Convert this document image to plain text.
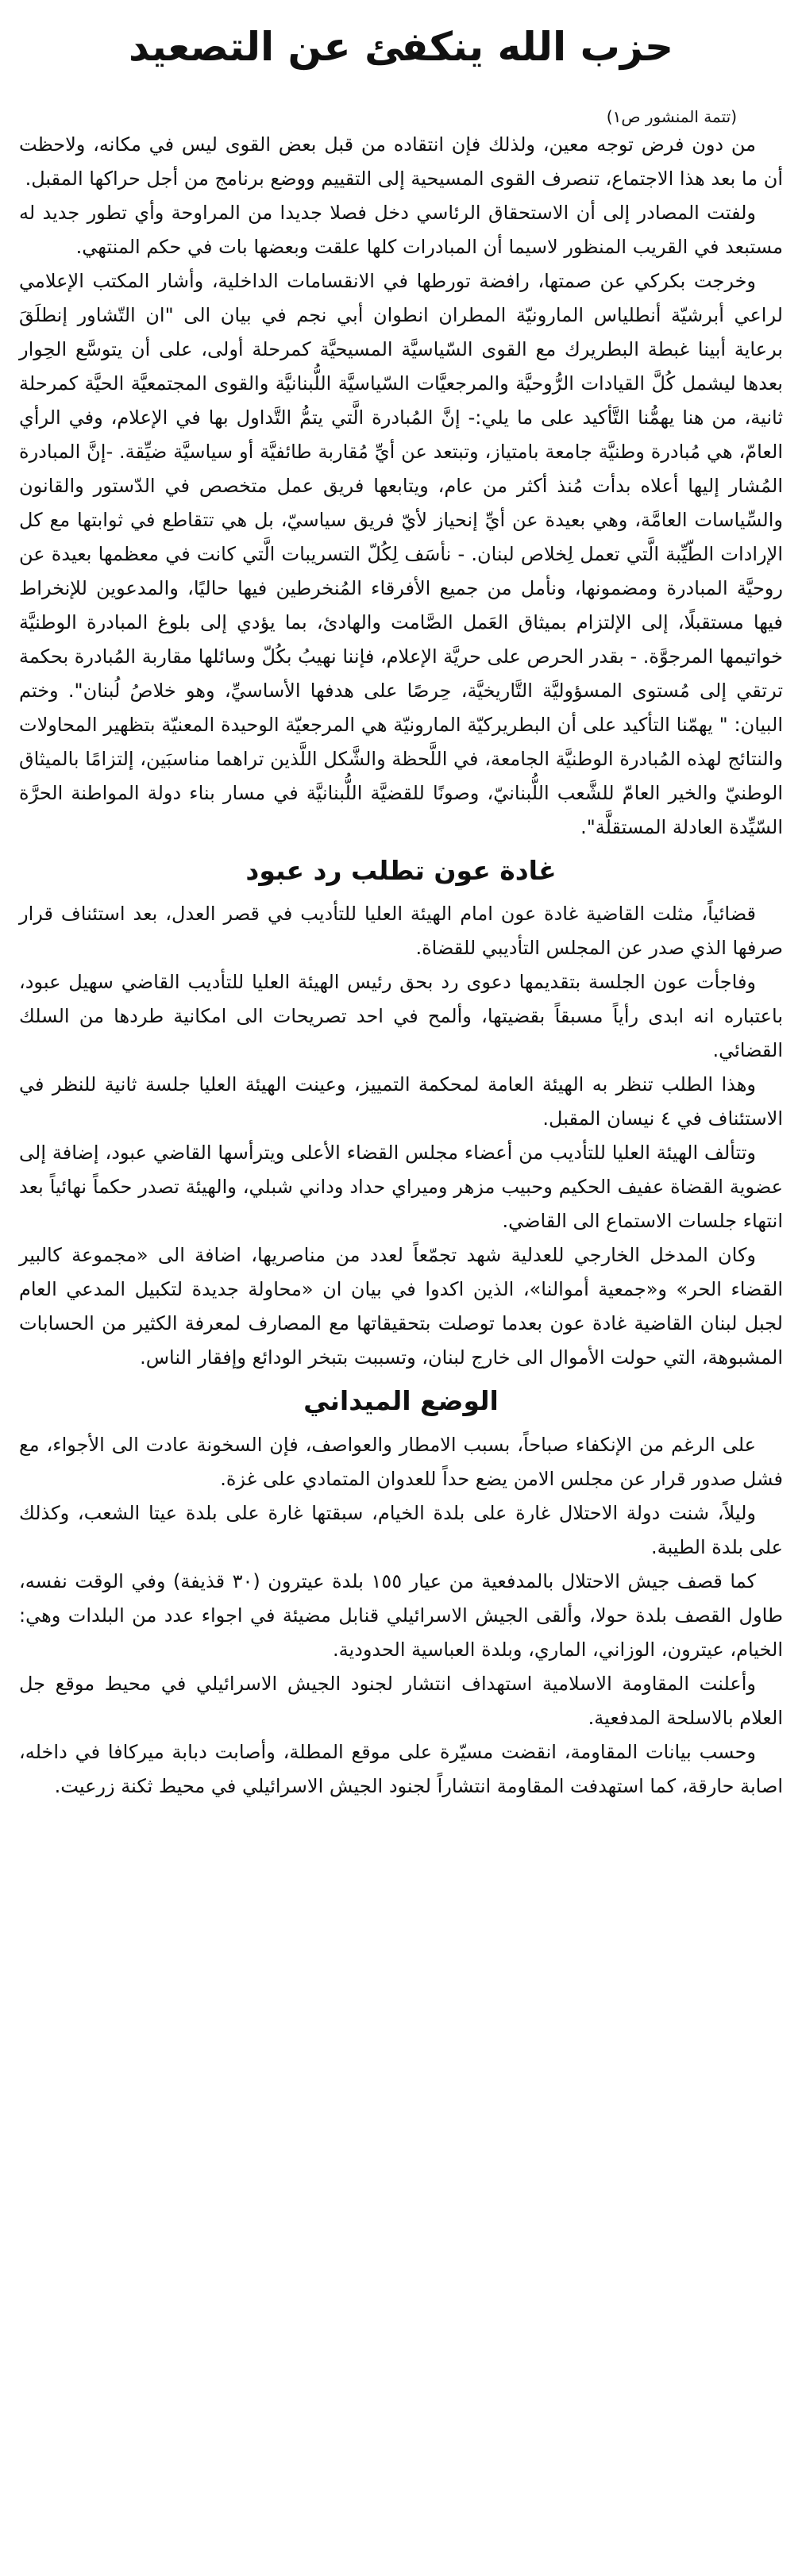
حزب الله ينكفئ عن التصعيد
(تتمة المنشور ص١)

من دون فرض توجه معين، ولذلك فإن انتقاده من قبل بعض القوى ليس في مكانه، ولاحظت أن ما بعد هذا الاجتماع، تنصرف القوى المسيحية إلى التقييم ووضع برنامج من أجل حراكها المقبل.

ولفتت المصادر إلى أن الاستحقاق الرئاسي دخل فصلا جديدا من المراوحة وأي تطور جديد له مستبعد في القريب المنظور لاسيما أن المبادرات كلها علقت وبعضها بات في حكم المنتهي.

وخرجت بكركي عن صمتها، رافضة تورطها في الانقسامات الداخلية، وأشار المكتب الإعلامي لراعي أبرشيّة أنطلياس المارونيّة المطران انطوان أبي نجم في بيان الى "ان التّشاور إنطلَقَ برعاية أبينا غبطة البطريرك مع القوى السّياسيَّة المسيحيَّة كمرحلة أولى، على أن يتوسَّع الحِوار بعدها ليشمل كُلَّ القيادات الرُّوحيَّة والمرجعيَّات السّياسيَّة اللُّبنانيَّة والقوى المجتمعيَّة الحيَّة كمرحلة ثانية، من هنا يهمُّنا التَّأكيد على ما يلي:- إنَّ المُبادرة الَّتي يتمُّ التَّداول بها في الإعلام، وفي الرأي العامّ، هي مُبادرة وطنيَّة جامعة بامتياز، وتبتعد عن أيِّ مُقاربة طائفيَّة أو سياسيَّة ضيِّقة. -إنَّ المبادرة المُشار إليها أعلاه بدأت مُنذ أكثر من عام، ويتابعها فريق عمل متخصص في الدّستور والقانون والسِّياسات العامَّة، وهي بعيدة عن أيِّ إنحياز لأيّ فريق سياسيّ، بل هي تتقاطع في ثوابتها مع كل الإرادات الطّيِّبة الَّتي تعمل لِخلاص لبنان. - نأسَف لِكُلّ التسريبات الَّتي كانت في معظمها بعيدة عن روحيَّة المبادرة ومضمونها، ونأمل من جميع الأفرقاء المُنخرطين فيها حاليًا، والمدعوين للإنخراط فيها مستقبلًا، إلى الإلتزام بميثاق العَمل الصَّامت والهادئ، بما يؤدي إلى بلوغ المبادرة الوطنيَّة خواتيمها المرجوَّة. - بقدر الحرص على حريَّة الإعلام، فإننا نهيبُ بكُلّ وسائلها مقاربة المُبادرة بحكمة ترتقي إلى مُستوى المسؤوليَّة التَّاريخيَّة، حِرصًا على هدفها الأساسيِّ، وهو خلاصُ لُبنان". وختم البيان: " يهمّنا التأكيد على أن البطريركيّة المارونيّة هي المرجعيّة الوحيدة المعنيّة بتظهير المحاولات والنتائج لهذه المُبادرة الوطنيَّة الجامعة، في اللَّحظة والشَّكل اللَّذين تراهما مناسبَين، إلتزامًا بالميثاق الوطنيّ والخير العامّ للشَّعب اللُّبنانيّ، وصونًا للقضيَّة اللُّبنانيَّة في مسار بناء دولة المواطنة الحرَّة السّيِّدة العادلة المستقلَّة".

غادة عون تطلب رد عبود

قضائياً، مثلت القاضية غادة عون امام الهيئة العليا للتأديب في قصر العدل، بعد استئناف قرار صرفها الذي صدر عن المجلس التأديبي للقضاة.

وفاجأت عون الجلسة بتقديمها دعوى رد بحق رئيس الهيئة العليا للتأديب القاضي سهيل عبود، باعتباره انه ابدى رأياً مسبقاً بقضيتها، وألمح في احد تصريحات الى امكانية طردها من السلك القضائي.

وهذا الطلب تنظر به الهيئة العامة لمحكمة التمييز، وعينت الهيئة العليا جلسة ثانية للنظر في الاستئناف في ٤ نيسان المقبل.

وتتألف الهيئة العليا للتأديب من أعضاء مجلس القضاء الأعلى ويترأسها القاضي عبود، إضافة إلى عضوية القضاة عفيف الحكيم وحبيب مزهر وميراي حداد وداني شبلي، والهيئة تصدر حكماً نهائياً بعد انتهاء جلسات الاستماع الى القاضي.

وكان المدخل الخارجي للعدلية شهد تجمّعاً لعدد من مناصريها، اضافة الى «مجموعة كالبير القضاء الحر» و«جمعية أموالنا»، الذين اكدوا في بيان ان «محاولة جديدة لتكبيل المدعي العام لجبل لبنان القاضية غادة عون بعدما توصلت بتحقيقاتها مع المصارف لمعرفة الكثير من الحسابات المشبوهة، التي حولت الأموال الى خارج لبنان، وتسببت بتبخر الودائع وإفقار الناس.

الوضع الميداني

على الرغم من الإنكفاء صباحاً، بسبب الامطار والعواصف، فإن السخونة عادت الى الأجواء، مع فشل صدور قرار عن مجلس الامن يضع حداً للعدوان المتمادي على غزة.

وليلاً، شنت دولة الاحتلال غارة على بلدة الخيام، سبقتها غارة على بلدة عيتا الشعب، وكذلك على بلدة الطيبة.

كما قصف جيش الاحتلال بالمدفعية من عيار ١٥٥ بلدة عيترون (٣٠ قذيفة) وفي الوقت نفسه، طاول القصف بلدة حولا، وألقى الجيش الاسرائيلي قنابل مضيئة في اجواء عدد من البلدات وهي: الخيام، عيترون، الوزاني، الماري، وبلدة العباسية الحدودية.

وأعلنت المقاومة الاسلامية استهداف انتشار لجنود الجيش الاسرائيلي في محيط موقع جل العلام بالاسلحة المدفعية.

وحسب بيانات المقاومة، انقضت مسيّرة على موقع المطلة، وأصابت دبابة ميركافا في داخله، اصابة حارقة، كما استهدفت المقاومة انتشاراً لجنود الجيش الاسرائيلي في محيط ثكنة زرعيت.
